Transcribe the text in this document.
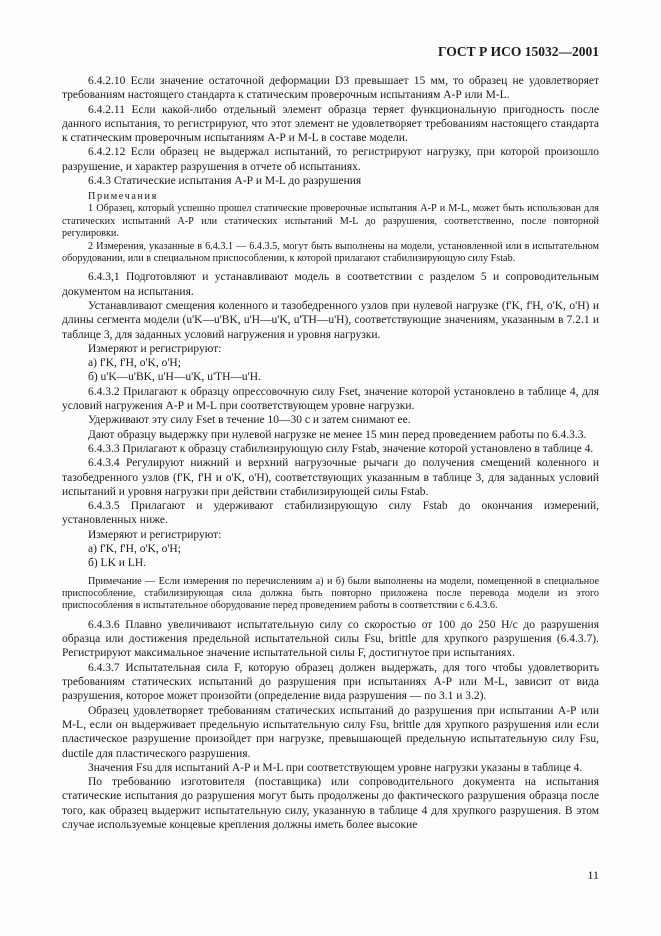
ГОСТ Р ИСО 15032—2001

6.4.2.10 Если значение остаточной деформации D3 превышает 15 мм, то образец не удовлетворяет требованиям настоящего стандарта к статическим проверочным испытаниям А-Р или M-L.

6.4.2.11 Если какой-либо отдельный элемент образца теряет функциональную пригодность после данного испытания, то регистрируют, что этот элемент не удовлетворяет требованиям настоящего стандарта к статическим проверочным испытаниям А-Р и M-L в составе модели.

6.4.2.12 Если образец не выдержал испытаний, то регистрируют нагрузку, при которой произошло разрушение, и характер разрушения в отчете об испытаниях.

6.4.3 Статические испытания А-Р и M-L до разрушения

Примечания

1 Образец, который успешно прошел статические проверочные испытания А-Р и M-L, может быть использован для статических испытаний А-Р или статических испытаний M-L до разрушения, соответственно, после повторной регулировки.

2 Измерения, указанные в 6.4.3.1 — 6.4.3.5, могут быть выполнены на модели, установленной или в испытательном оборудовании, или в специальном приспособлении, к которой прилагают стабилизирующую силу Fstab.

6.4.3,1 Подготовляют и устанавливают модель в соответствии с разделом 5 и сопроводительным документом на испытания.

Устанавливают смещения коленного и тазобедренного узлов при нулевой нагрузке (f'K, f'H, o'K, o'H) и длины сегмента модели (u'K—u'BK, u'H—u'K, u'TH—u'H), соответствующие значениям, указанным в 7.2.1 и таблице 3, для заданных условий нагружения и уровня нагрузки.

Измеряют и регистрируют:

а) f'K, f'H, o'K, o'H;

б) u'K—u'BK, u'H—u'K, u'TH—u'H.

6.4.3.2 Прилагают к образцу опрессовочную силу Fset, значение которой установлено в таблице 4, для условий нагружения А-Р и M-L при соответствующем уровне нагрузки.

Удерживают эту силу Fset в течение 10—30 с и затем снимают ее.

Дают образцу выдержку при нулевой нагрузке не менее 15 мин перед проведением работы по 6.4.3.3.

6.4.3.3 Прилагают к образцу стабилизирующую силу Fstab, значение которой установлено в таблице 4.

6.4.3.4 Регулируют нижний и верхний нагрузочные рычаги до получения смещений коленного и тазобедренного узлов (f'K, f'H и o'K, o'H), соответствующих указанным в таблице 3, для заданных условий испытаний и уровня нагрузки при действии стабилизирующей силы Fstab.

6.4.3.5 Прилагают и удерживают стабилизирующую силу Fstab до окончания измерений, установленных ниже.

Измеряют и регистрируют:

а) f'K, f'H, o'K, o'H;

б) LK и LH.

Примечание — Если измерения по перечислениям а) и б) были выполнены на модели, помещенной в специальное приспособление, стабилизирующая сила должна быть повторно приложена после перевода модели из этого приспособления в испытательное оборудование перед проведением работы в соответствии с 6.4.3.6.

6.4.3.6 Плавно увеличивают испытательную силу со скоростью от 100 до 250 Н/с до разрушения образца или достижения предельной испытательной силы Fsu, brittle для хрупкого разрушения (6.4.3.7). Регистрируют максимальное значение испытательной силы F, достигнутое при испытаниях.

6.4.3.7 Испытательная сила F, которую образец должен выдержать, для того чтобы удовлетворить требованиям статических испытаний до разрушения при испытаниях А-Р или M-L, зависит от вида разрушения, которое может произойти (определение вида разрушения — по 3.1 и 3.2).

Образец удовлетворяет требованиям статических испытаний до разрушения при испытании А-Р или M-L, если он выдерживает предельную испытательную силу Fsu, brittle для хрупкого разрушения или если пластическое разрушение произойдет при нагрузке, превышающей предельную испытательную силу Fsu, ductile для пластического разрушения.

Значения Fsu для испытаний А-Р и M-L при соответствующем уровне нагрузки указаны в таблице 4.

По требованию изготовителя (поставщика) или сопроводительного документа на испытания статические испытания до разрушения могут быть продолжены до фактического разрушения образца после того, как образец выдержит испытательную силу, указанную в таблице 4 для хрупкого разрушения. В этом случае используемые концевые крепления должны иметь более высокие

11
